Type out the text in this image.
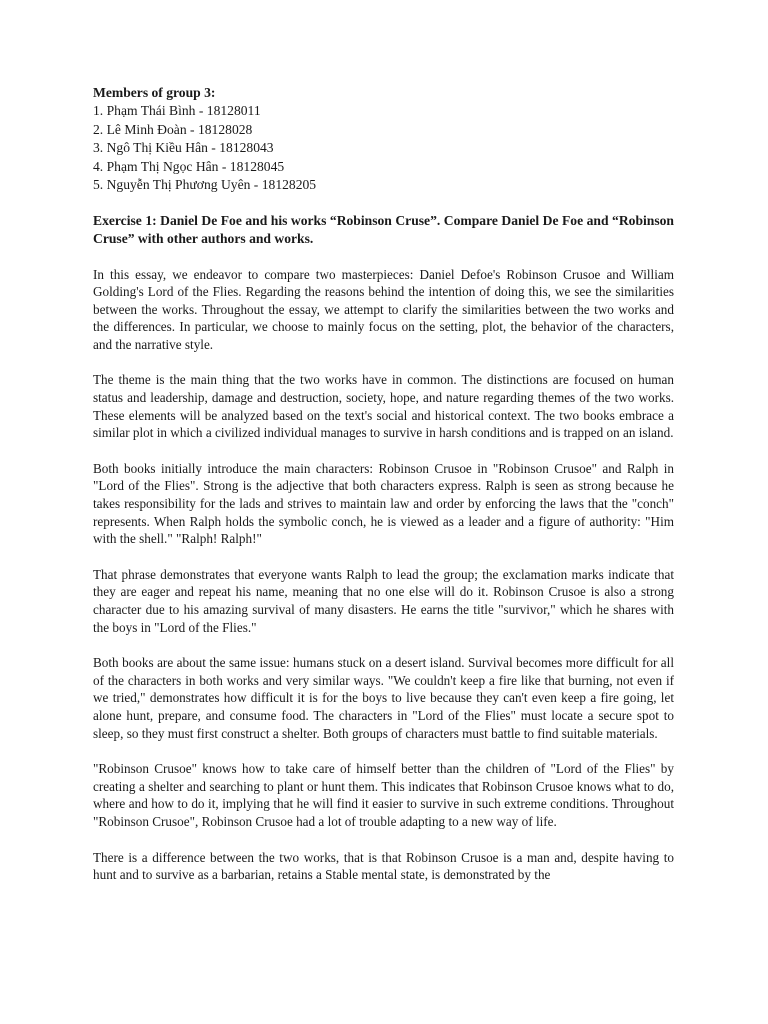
Members of group 3:

1. Phạm Thái Bình - 18128011

2. Lê Minh Đoàn - 18128028

3. Ngô Thị Kiều Hân - 18128043

4. Phạm Thị Ngọc Hân - 18128045

5. Nguyễn Thị Phương Uyên - 18128205

Exercise 1: Daniel De Foe and his works “Robinson Cruse”. Compare Daniel De Foe and “Robinson Cruse” with other authors and works.

In this essay, we endeavor to compare two masterpieces: Daniel Defoe's Robinson Crusoe and William Golding's Lord of the Flies. Regarding the reasons behind the intention of doing this, we see the similarities between the works. Throughout the essay, we attempt to clarify the similarities between the two works and the differences. In particular, we choose to mainly focus on the setting, plot, the behavior of the characters, and the narrative style.

The theme is the main thing that the two works have in common. The distinctions are focused on human status and leadership, damage and destruction, society, hope, and nature regarding themes of the two works. These elements will be analyzed based on the text's social and historical context. The two books embrace a similar plot in which a civilized individual manages to survive in harsh conditions and is trapped on an island.

Both books initially introduce the main characters: Robinson Crusoe in "Robinson Crusoe" and Ralph in "Lord of the Flies". Strong is the adjective that both characters express. Ralph is seen as strong because he takes responsibility for the lads and strives to maintain law and order by enforcing the laws that the "conch" represents. When Ralph holds the symbolic conch, he is viewed as a leader and a figure of authority: "Him with the shell." "Ralph! Ralph!"

That phrase demonstrates that everyone wants Ralph to lead the group; the exclamation marks indicate that they are eager and repeat his name, meaning that no one else will do it. Robinson Crusoe is also a strong character due to his amazing survival of many disasters. He earns the title "survivor," which he shares with the boys in "Lord of the Flies."

Both books are about the same issue: humans stuck on a desert island. Survival becomes more difficult for all of the characters in both works and very similar ways. "We couldn't keep a fire like that burning, not even if we tried," demonstrates how difficult it is for the boys to live because they can't even keep a fire going, let alone hunt, prepare, and consume food. The characters in "Lord of the Flies" must locate a secure spot to sleep, so they must first construct a shelter. Both groups of characters must battle to find suitable materials.

"Robinson Crusoe" knows how to take care of himself better than the children of "Lord of the Flies" by creating a shelter and searching to plant or hunt them. This indicates that Robinson Crusoe knows what to do, where and how to do it, implying that he will find it easier to survive in such extreme conditions. Throughout "Robinson Crusoe", Robinson Crusoe had a lot of trouble adapting to a new way of life.

There is a difference between the two works, that is that Robinson Crusoe is a man and, despite having to hunt and to survive as a barbarian, retains a Stable mental state, is demonstrated by the
